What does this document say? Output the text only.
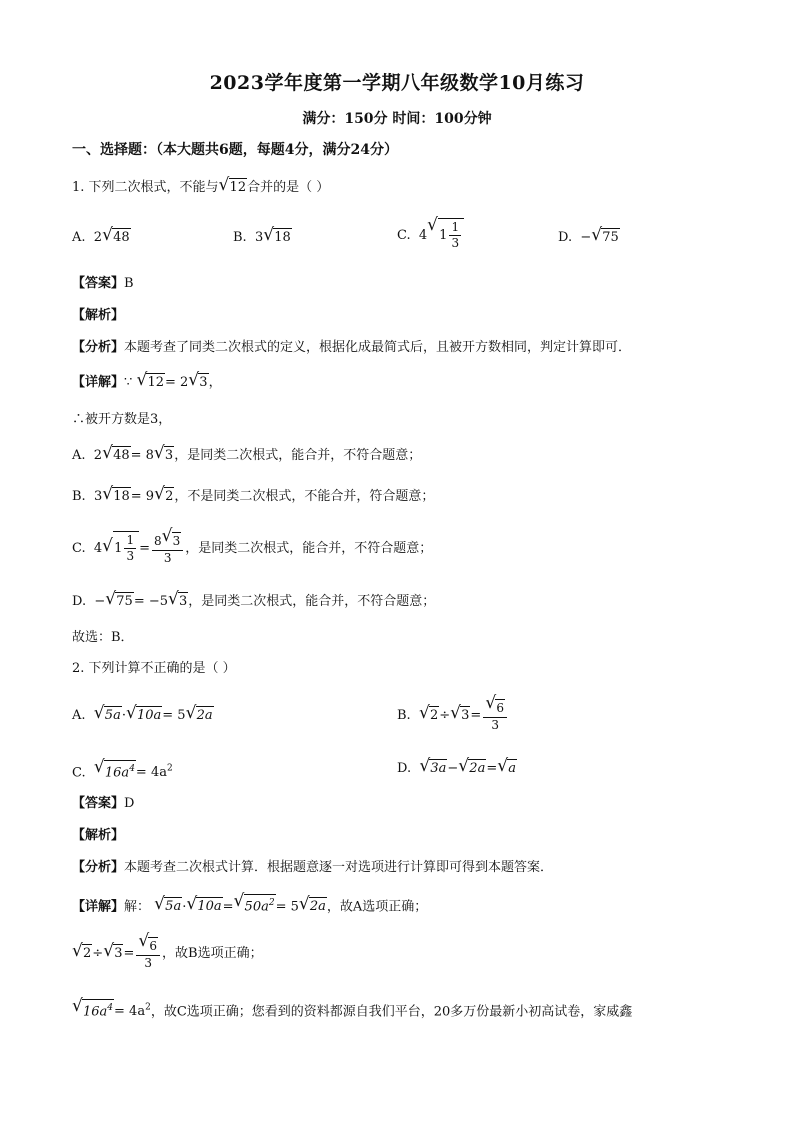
2023学年度第一学期八年级数学10月练习
满分：150分 时间：100分钟
一、选择题：（本大题共6题，每题4分，满分24分）
1. 下列二次根式，不能与√ 12合并的是（ ）
A. 2√ 48	B. 3√ 18	C. 4√ $1 \frac{1}{3}$	D. −√ 75
【答案】B
【解析】
【分析】本题考查了同类二次根式的定义，根据化成最简式后，且被开方数相同，判定计算即可．
【详解】∵ √ 12= 2√ 3，
∴被开方数是3，
A. 2√ 48= 8√ 3，是同类二次根式，能合并，不符合题意；
B. 3√ 18= 9√ 2，不是同类二次根式，不能合并，符合题意；
C. 4√ $1 \frac{1}{3} = \frac{8√ 3}{3}$ ，是同类二次根式，能合并，不符合题意；
D. −√ 75= −5√ 3，是同类二次根式，能合并，不符合题意；
故选：B．
2. 下列计算不正确的是（ ）
A.  √ 5a·√ 10a= 5√ 2a	B.  √ 2÷√ 3=
√ $\frac{6}{3}$
C.  √ $16a^4= 4a^2$	D.  √ 3a−√ 2a=√ a
【答案】D
【解析】
【分析】本题考查二次根式计算．根据题意逐一对选项进行计算即可得到本题答案．
【详解】解： √ 5a·√ 10a=√ $50a^2= 5√$ 2a，故A选项正确；
√ 2÷√ 3=
√ $\frac{6}{3}$ ，故B选项正确；
√ $16a^4= 4a^2$，故C选项正确；您看到的资料都源自我们平台，20多万份最新小初高试卷，家威鑫
